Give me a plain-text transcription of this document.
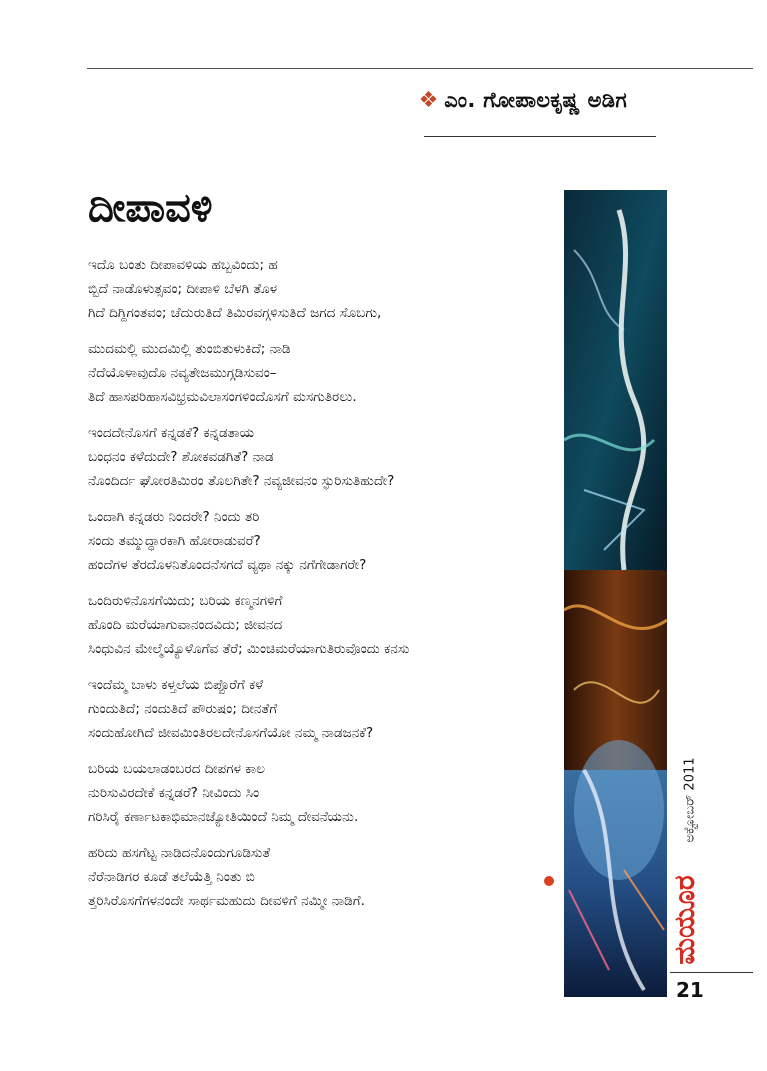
❖ ಎಂ. ಗೋಪಾಲಕೃಷ್ಣ ಅಡಿಗ
ದೀಪಾವಳಿ
ಇದೊ ಬಂತು ದೀಪಾವಳಿಯ ಹಬ್ಬವಿಂದು; ಹ
ಬ್ಬಿದೆ ನಾಡೊಳುತ್ಸವಂ; ದೀಪಾಳಿ ಬೆಳಗಿ ತೊಳ
ಗಿದೆ ದಿಗ್ದಿಗಂತವಂ; ಚೆದುರುತಿದೆ ತಿಮಿರವಗ್ಗಳಿಸುತಿದೆ ಜಗದ ಸೊಬಗು,
ಮುದಮಲ್ಲಿ ಮುದಮಿಲ್ಲಿ ತುಂಬಿತುಳುಕಿದೆ; ನಾಡಿ
ನೆದೆಯೊಳಾವುದೊ ನವ್ಯತೇಜಮುಗ್ಗಡಿಸುವಂ–
ತಿದೆ ಹಾಸಪರಿಹಾಸವಿಭ್ರಮವಿಲಾಸಂಗಳಿಂದೊಸಗೆ ಮಸಗುತಿರಲು.
ಇಂದದೇನೊಸಗೆ ಕನ್ನಡಕೆ? ಕನ್ನಡತಾಯ
ಬಂಧನಂ ಕಳೆದುದೇ? ಶೋಕವಡಗಿತೆ? ನಾಡ
ನೊಂದಿರ್ದ ಘೋರತಿಮಿರಂ ತೊಲಗಿತೇ? ನವ್ಯಜೀವನಂ ಸ್ಫುರಿಸುತಿಹುದೇ?
ಒಂದಾಗಿ ಕನ್ನಡರು ನಿಂದರೇ? ನಿಂದು ತರಿ
ಸಂದು ತಮ್ಮುದ್ಧಾರಕಾಗಿ ಹೋರಾಡುವರೆ?
ಹಂದೆಗಳ ತೆರದೊಳನಿತೊಂದನೆಸಗದೆ ವ್ಯಥಾ ನಕ್ಕು ನಗೆಗೇಡಾಗರೇ?
ಒಂದಿರುಳಿನೊಸಗೆಯಿದು; ಬರಿಯ ಕಣ್ಮನಗಳಿಗೆ
ಹೊಂದಿ ಮರೆಯಾಗುವಾನಂದವಿದು; ಜೀವನದ
ಸಿಂಧುವಿನ ಮೇಲ್ಮೆಯ್ಯೊಳೊಗೆವ ತೆರೆ; ಮಿಂಚಿಮರೆಯಾಗುತಿರುವೊಂದು ಕನಸು
ಇಂದೆಮ್ಮ ಬಾಳು ಕಳ್ತಲೆಯ ಬಿಪ್ಪೊರೆಗೆ ಕಳೆ
ಗುಂದುತಿದೆ; ನಂದುತಿದೆ ಪೌರುಷಂ; ದೀನತೆಗೆ
ಸಂದುಹೋಗಿದೆ ಜೀವಮಿಂತಿರಲದೇನೊಸಗೆಯೋ ನಮ್ಮ ನಾಡಜನಕೆ?
ಬರಿಯ ಬಯಲಾಡಂಬರದ ದೀಪಗಳ ಕಾಲ
ನುರಿಸುವಿರದೇಕೆ ಕನ್ನಡರೆ? ನೀವಿಂದು ಸಿಂ
ಗರಿಸಿರೈ ಕರ್ಣಾಟಕಾಭಿಮಾನಜ್ಯೋತಿಯಿಂದೆ ನಿಮ್ಮ ದೇವನೆಯನು.
ಹರಿದು ಹಸಗೆಟ್ಟ ನಾಡಿದನೊಂದುಗೂಡಿಸುತೆ
ನೆರೆನಾಡಿಗರ ಕೂಡೆ ತಲೆಯೆತ್ತಿ ನಿಂತು ಬಿ
ತ್ತರಿಸಿರೊಸಗೆಗಳನಂದೇ ಸಾರ್ಥಮಹುದು ದೀವಳಿಗೆ ನಮ್ಮೀ ನಾಡಿಗೆ.
ಅಕ್ಟೋಬರ್ 2011
ಮಯೂರ
21
